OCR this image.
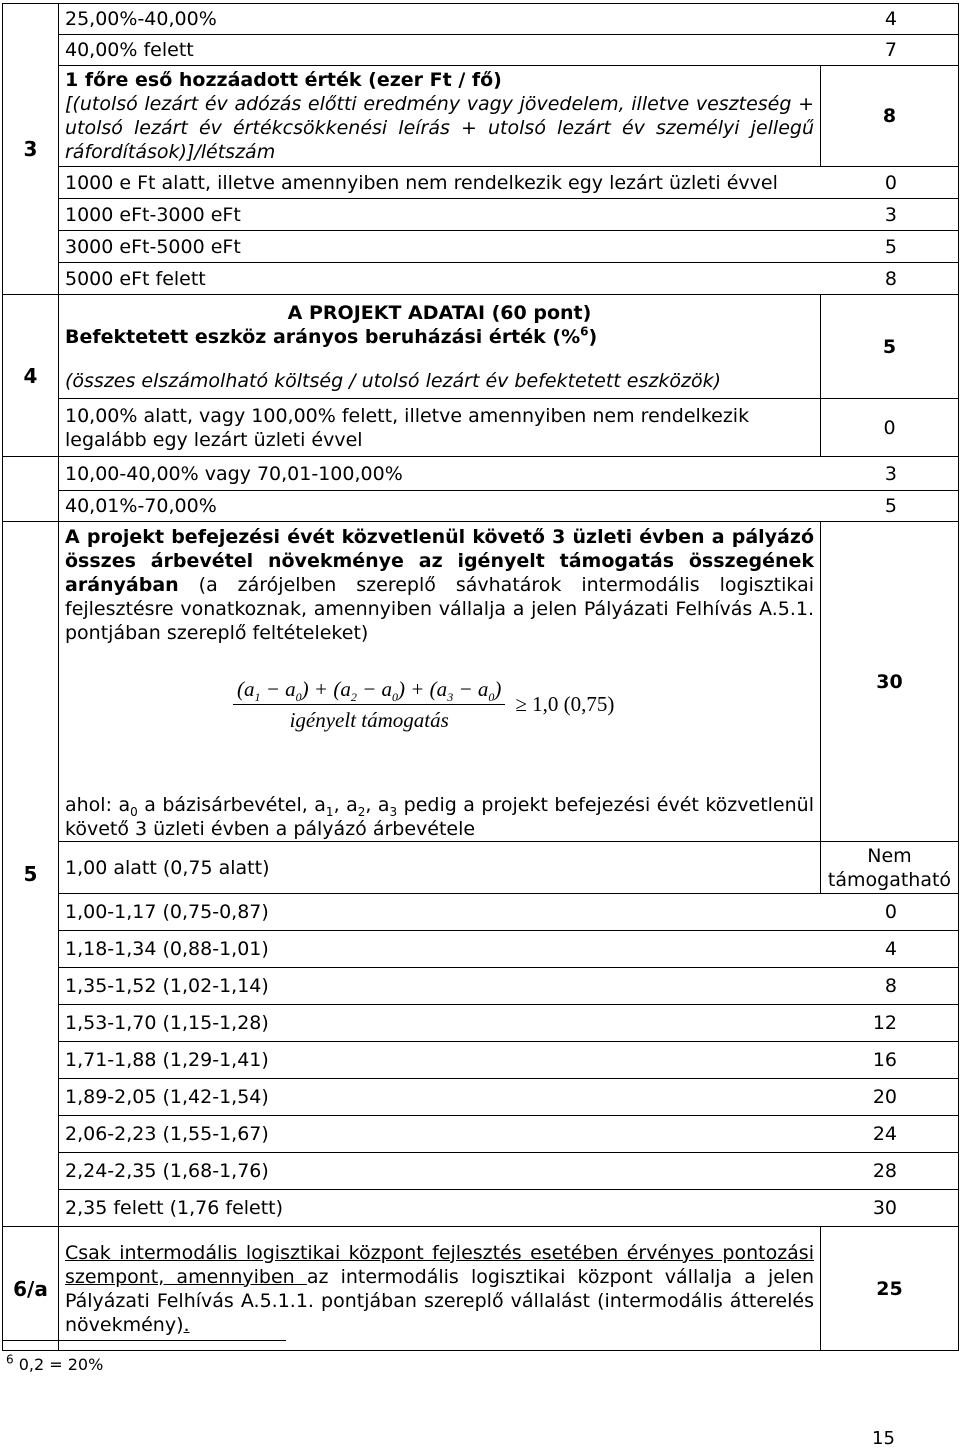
3	25,00%-40,00% 4	

	40,00% felett 7	

	1 főre eső hozzáadott érték (ezer Ft / fő)
[(utolsó lezárt év adózás előtti eredmény vagy jövedelem, illetve veszteség + utolsó lezárt év értékcsökkenési leírás + utolsó lezárt év személyi jellegű ráfordítások)]/létszám	8

	1000 e Ft alatt, illetve amennyiben nem rendelkezik egy lezárt üzleti évvel 0	

	1000 eFt-3000 eFt 3	

	3000 eFt-5000 eFt 5	

	5000 eFt felett 8	

4	A PROJEKT ADATAI (60 pont)
Befektetett eszköz arányos beruházási érték (%$^6$)
(összes elszámolható költség / utolsó lezárt év befektetett eszközök)	5
	10,00% alatt, vagy 100,00% felett, illetve amennyiben nem rendelkezik legalább egy lezárt üzleti évvel	0

	10,00-40,00% vagy 70,01-100,00% 3	

	40,01%-70,00% 5	

5	A projekt befejezési évét közvetlenül követő 3 üzleti évben a pályázó összes árbevétel növekménye az igényelt támogatás összegének arányában (a zárójelben szereplő sávhatárok intermodális logisztikai fejlesztésre vonatkoznak, amennyiben vállalja a jelen Pályázati Felhívás A.5.1. pontjában szereplő feltételeket)
$\frac{(a_1 - a_0) + (a_2 - a_0) + (a_3 - a_0)}{\text{igényelt támogatás}} \ge 1,0$ (0,75)
ahol: $a_0$ a bázisárbevétel, $a_1$, $a_2$, $a_3$ pedig a projekt befejezési évét közvetlenül követő 3 üzleti évben a pályázó árbevétele	30
	1,00 alatt (0,75 alatt)	Nem támogatható

	1,00-1,17 (0,75-0,87) 0	

	1,18-1,34 (0,88-1,01) 4	

	1,35-1,52 (1,02-1,14) 8	

	1,53-1,70 (1,15-1,28) 12	

	1,71-1,88 (1,29-1,41) 16	

	1,89-2,05 (1,42-1,54) 20	

	2,06-2,23 (1,55-1,67) 24	

	2,24-2,35 (1,68-1,76) 28	

	2,35 felett (1,76 felett) 30	

6/a	Csak intermodális logisztikai központ fejlesztés esetében érvényes pontozási szempont, amennyiben az intermodális logisztikai központ vállalja a jelen Pályázati Felhívás A.5.1.1. pontjában szereplő vállalást (intermodális átterelés növekmény).	25
$^6$ 0,2 = 20%
15
